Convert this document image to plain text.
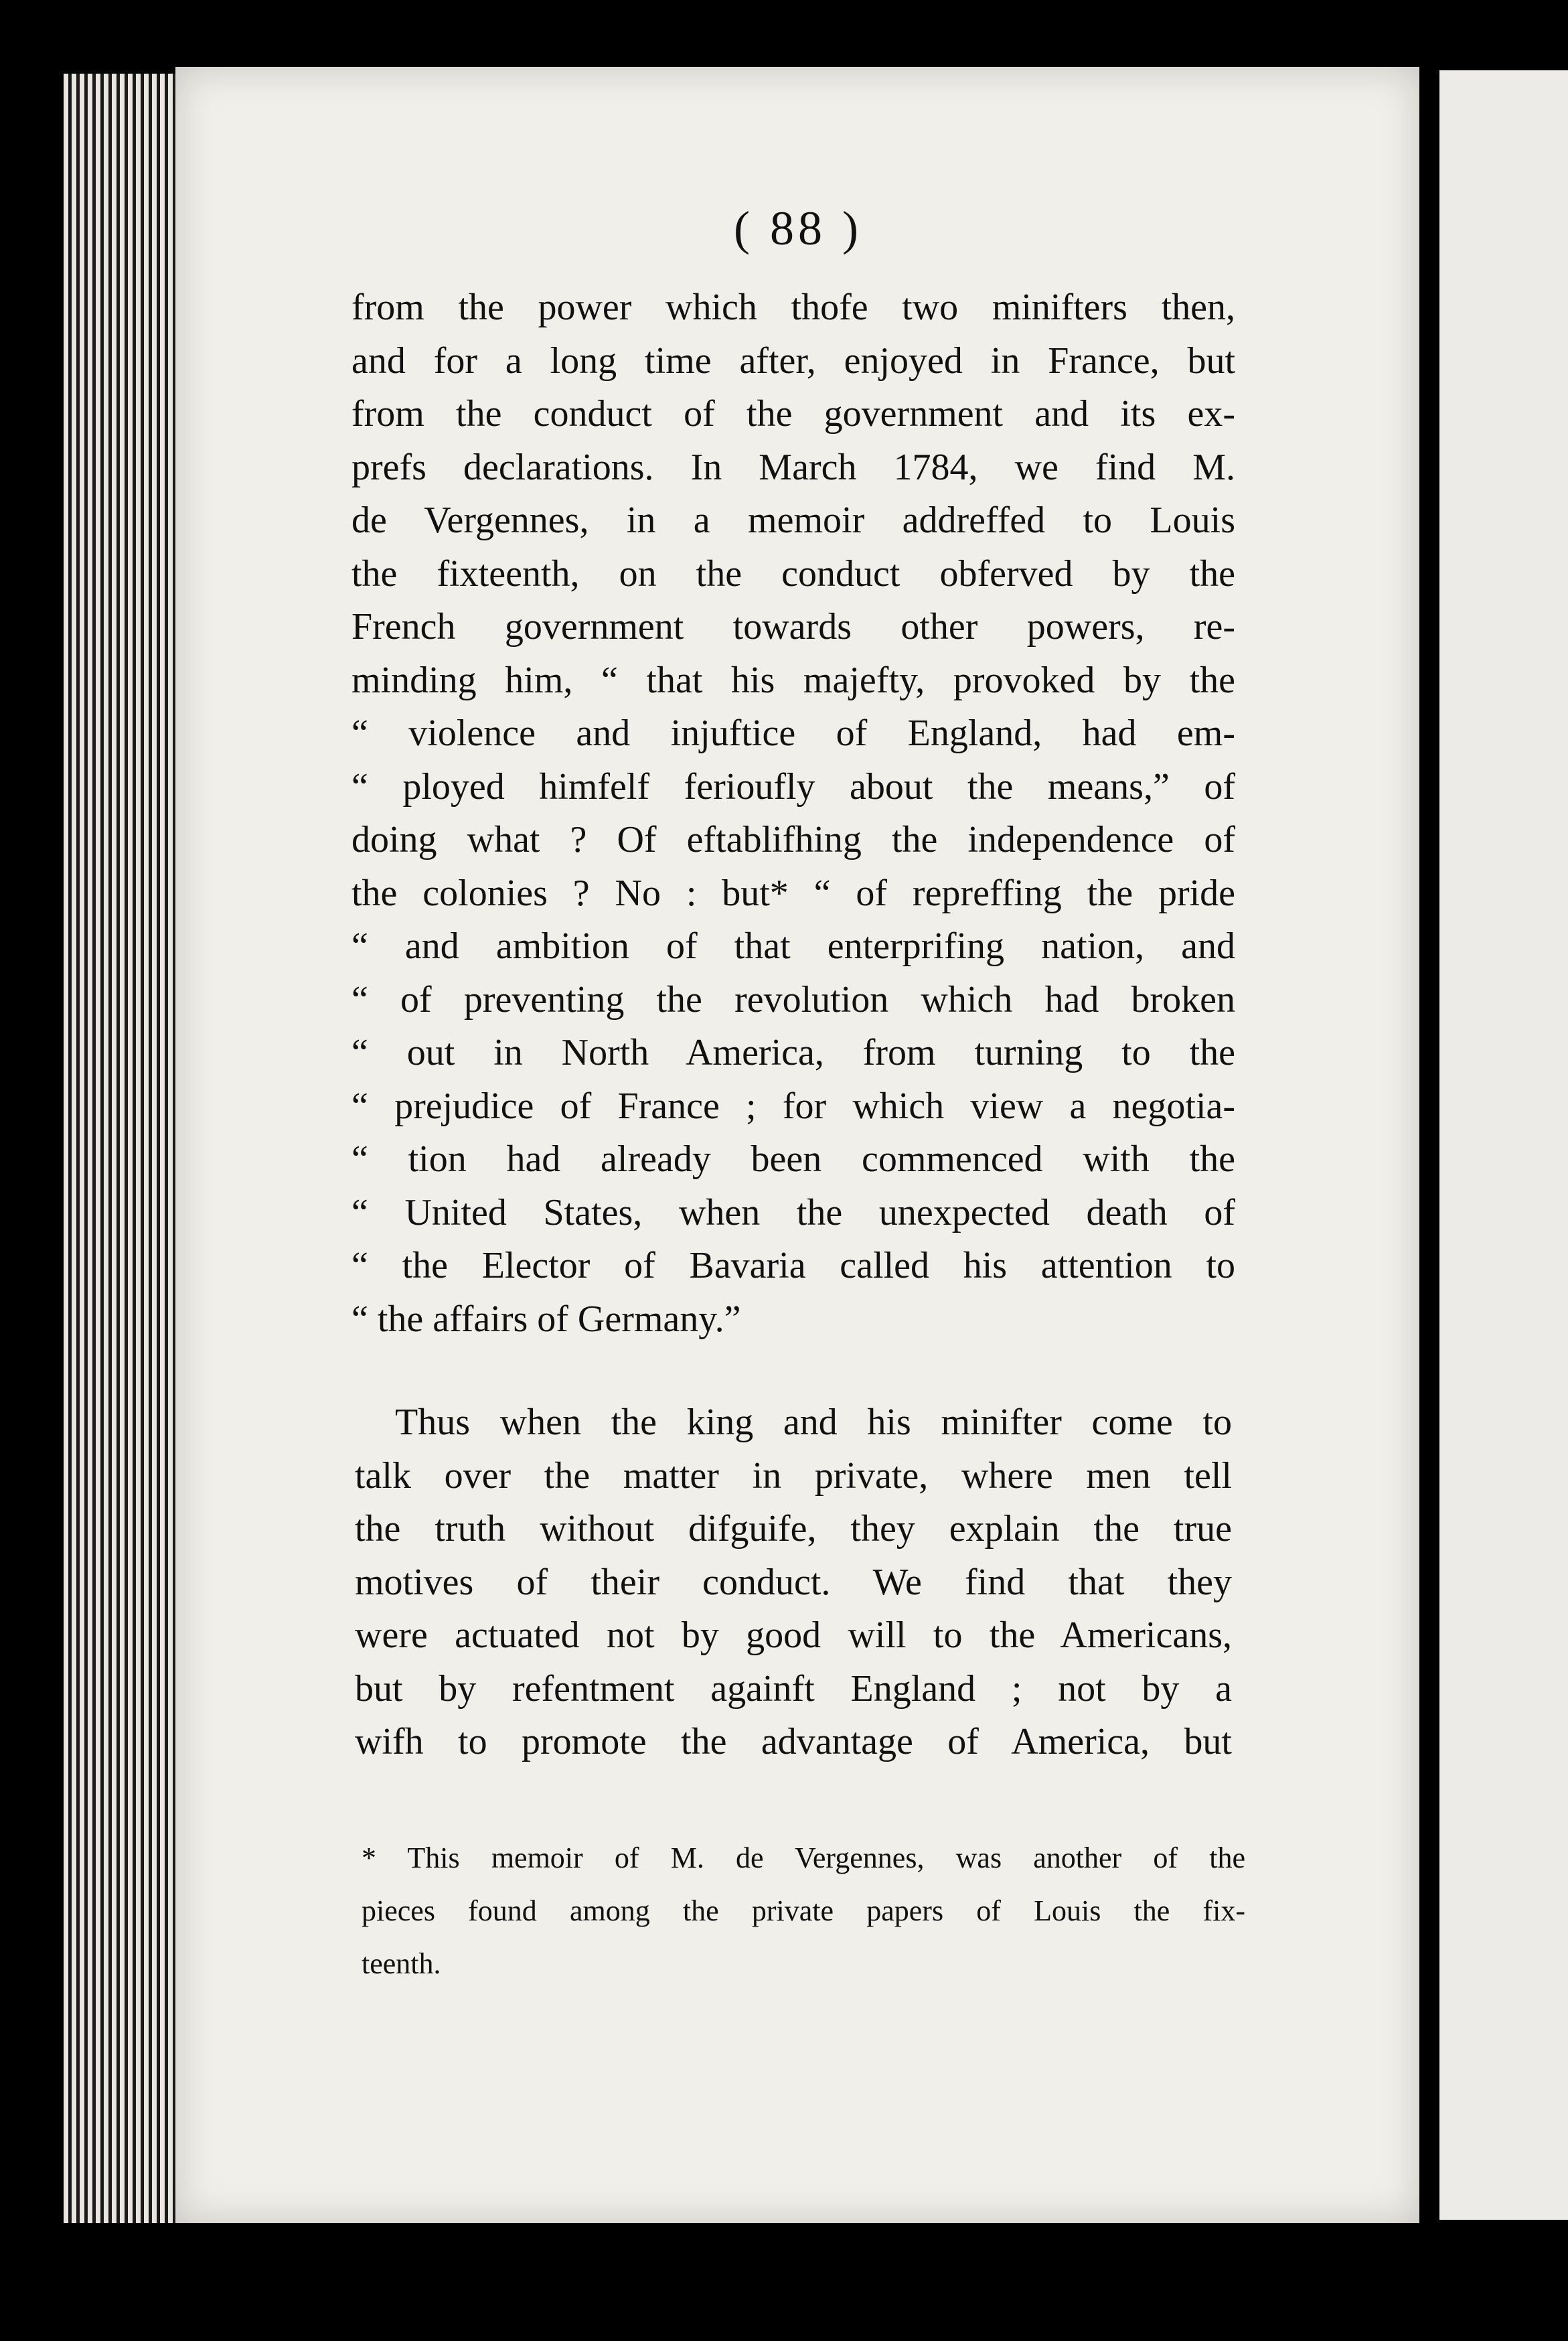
( 88 )
from the power which thofe two minifters then,
and for a long time after, enjoyed in France, but
from the conduct of the government and its ex-
prefs declarations. In March 1784, we find M.
de Vergennes, in a memoir addreffed to Louis
the fixteenth, on the conduct obferved by the
French government towards other powers, re-
minding him, “ that his majefty, provoked by the
“ violence and injuftice of England, had em-
“ ployed himfelf ferioufly about the means,” of
doing what ? Of eftablifhing the independence of
the colonies ? No : but* “ of repreffing the pride
“ and ambition of that enterprifing nation, and
“ of preventing the revolution which had broken
“ out in North America, from turning to the
“ prejudice of France ; for which view a negotia-
“ tion had already been commenced with the
“ United States, when the unexpected death of
“ the Elector of Bavaria called his attention to
“ the affairs of Germany.”
Thus when the king and his minifter come to
talk over the matter in private, where men tell
the truth without difguife, they explain the true
motives of their conduct. We find that they
were actuated not by good will to the Americans,
but by refentment againft England ; not by a
wifh to promote the advantage of America, but
* This memoir of M. de Vergennes, was another of the
pieces found among the private papers of Louis the fix-
teenth.
